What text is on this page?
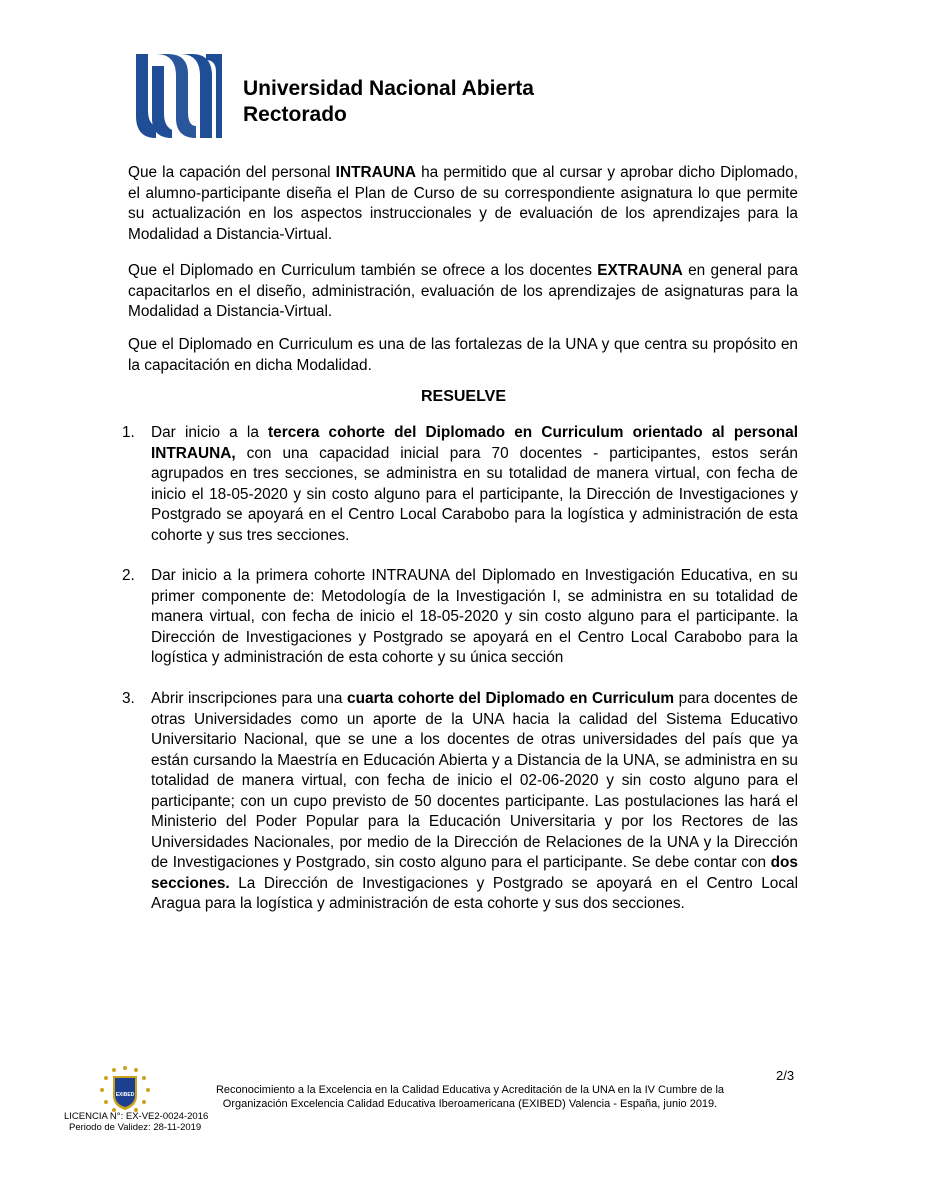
Universidad Nacional Abierta
Rectorado

Que la capación del personal INTRAUNA ha permitido que al cursar y aprobar dicho Diplomado, el alumno-participante diseña el Plan de Curso de su correspondiente asignatura lo que permite su actualización en los aspectos instruccionales y de evaluación de los aprendizajes para la Modalidad a Distancia-Virtual.

Que el Diplomado en Curriculum también se ofrece a los docentes EXTRAUNA en general para capacitarlos en el diseño, administración, evaluación de los aprendizajes de asignaturas para la Modalidad a Distancia-Virtual.

Que el Diplomado en Curriculum es una de las fortalezas de la UNA y que centra su propósito en la capacitación en dicha Modalidad.

RESUELVE

1. Dar inicio a la tercera cohorte del Diplomado en Curriculum orientado al personal INTRAUNA, con una capacidad inicial para 70 docentes - participantes, estos serán agrupados en tres secciones, se administra en su totalidad de manera virtual, con fecha de inicio el 18-05-2020 y sin costo alguno para el participante, la Dirección de Investigaciones y Postgrado se apoyará en el Centro Local Carabobo para la logística y administración de esta cohorte y sus tres secciones.

2. Dar inicio a la primera cohorte INTRAUNA del Diplomado en Investigación Educativa, en su primer componente de: Metodología de la Investigación I, se administra en su totalidad de manera virtual, con fecha de inicio el 18-05-2020 y sin costo alguno para el participante. la Dirección de Investigaciones y Postgrado se apoyará en el Centro Local Carabobo para la logística y administración de esta cohorte y su única sección

3. Abrir inscripciones para una cuarta cohorte del Diplomado en Curriculum para docentes de otras Universidades como un aporte de la UNA hacia la calidad del Sistema Educativo Universitario Nacional, que se une a los docentes de otras universidades del país que ya están cursando la Maestría en Educación Abierta y a Distancia de la UNA, se administra en su totalidad de manera virtual, con fecha de inicio el 02-06-2020 y sin costo alguno para el participante; con un cupo previsto de 50 docentes participante. Las postulaciones las hará el Ministerio del Poder Popular para la Educación Universitaria y por los Rectores de las Universidades Nacionales, por medio de la Dirección de Relaciones de la UNA y la Dirección de Investigaciones y Postgrado, sin costo alguno para el participante. Se debe contar con dos secciones. La Dirección de Investigaciones y Postgrado se apoyará en el Centro Local Aragua para la logística y administración de esta cohorte y sus dos secciones.

2/3
EXIBED	Reconocimiento a la Excelencia en la Calidad Educativa y Acreditación de la UNA en la IV Cumbre de la
Organización Excelencia Calidad Educativa Iberoamericana (EXIBED) Valencia - España, junio 2019.
LICENCIA N°: EX-VE2-0024-2016
Periodo de Validez: 28-11-2019
